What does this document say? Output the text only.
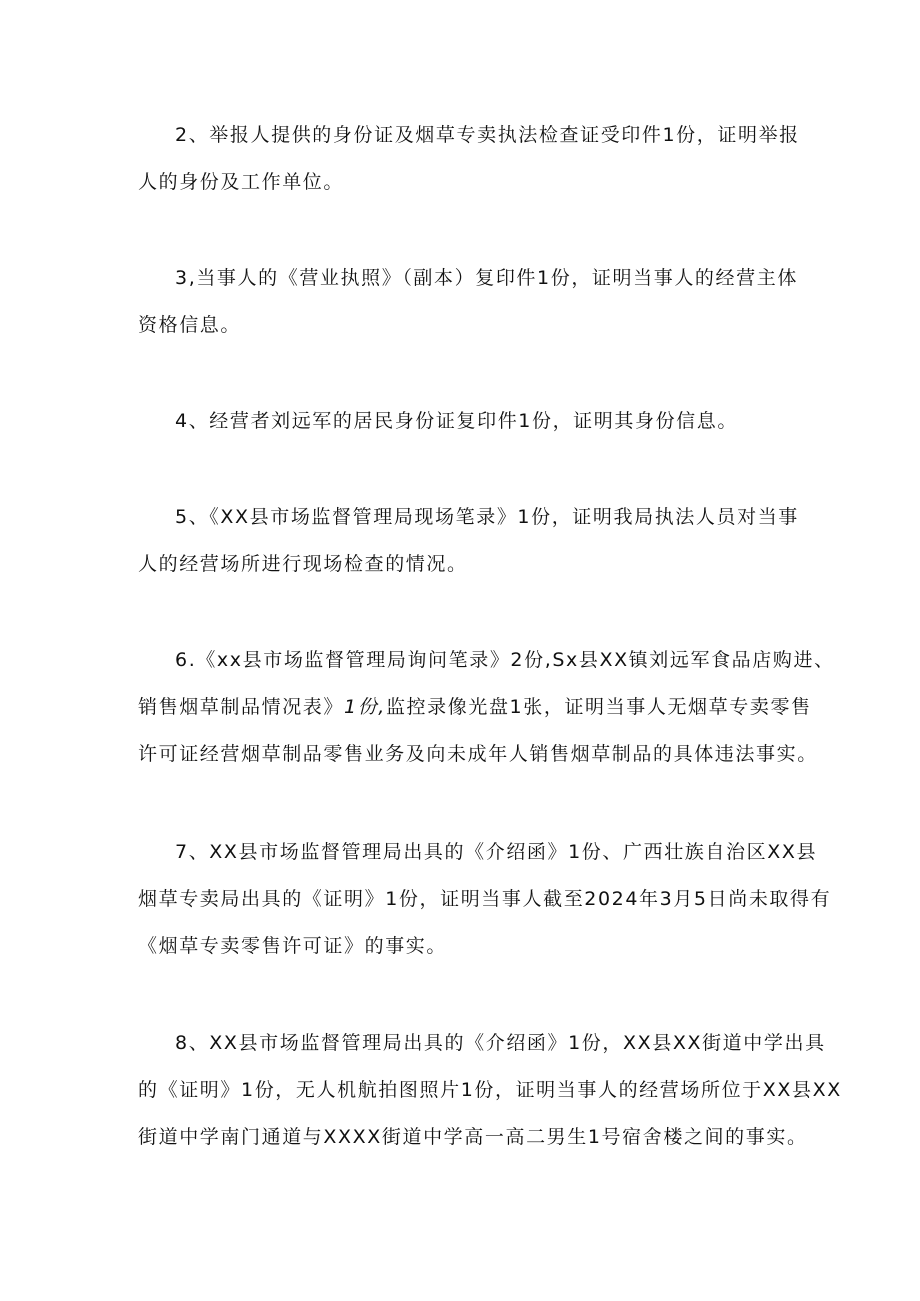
2、举报人提供的身份证及烟草专卖执法检查证受印件1份，证明举报
人的身份及工作单位。
3,当事人的《营业执照》（副本）复印件1份，证明当事人的经营主体
资格信息。
4、经营者刘远军的居民身份证复印件1份，证明其身份信息。
5、《XX县市场监督管理局现场笔录》1份，证明我局执法人员对当事
人的经营场所进行现场检查的情况。
6.《xx县市场监督管理局询问笔录》2份,Sx县XX镇刘远军食品店购进、
销售烟草制品情况表》1份,监控录像光盘1张，证明当事人无烟草专卖零售
许可证经营烟草制品零售业务及向未成年人销售烟草制品的具体违法事实。
7、XX县市场监督管理局出具的《介绍函》1份、广西壮族自治区XX县
烟草专卖局出具的《证明》1份，证明当事人截至2024年3月5日尚未取得有
《烟草专卖零售许可证》的事实。
8、XX县市场监督管理局出具的《介绍函》1份，XX县XX街道中学出具
的《证明》1份，无人机航拍图照片1份，证明当事人的经营场所位于XX县XX
街道中学南门通道与XXXX街道中学高一高二男生1号宿舍楼之间的事实。
